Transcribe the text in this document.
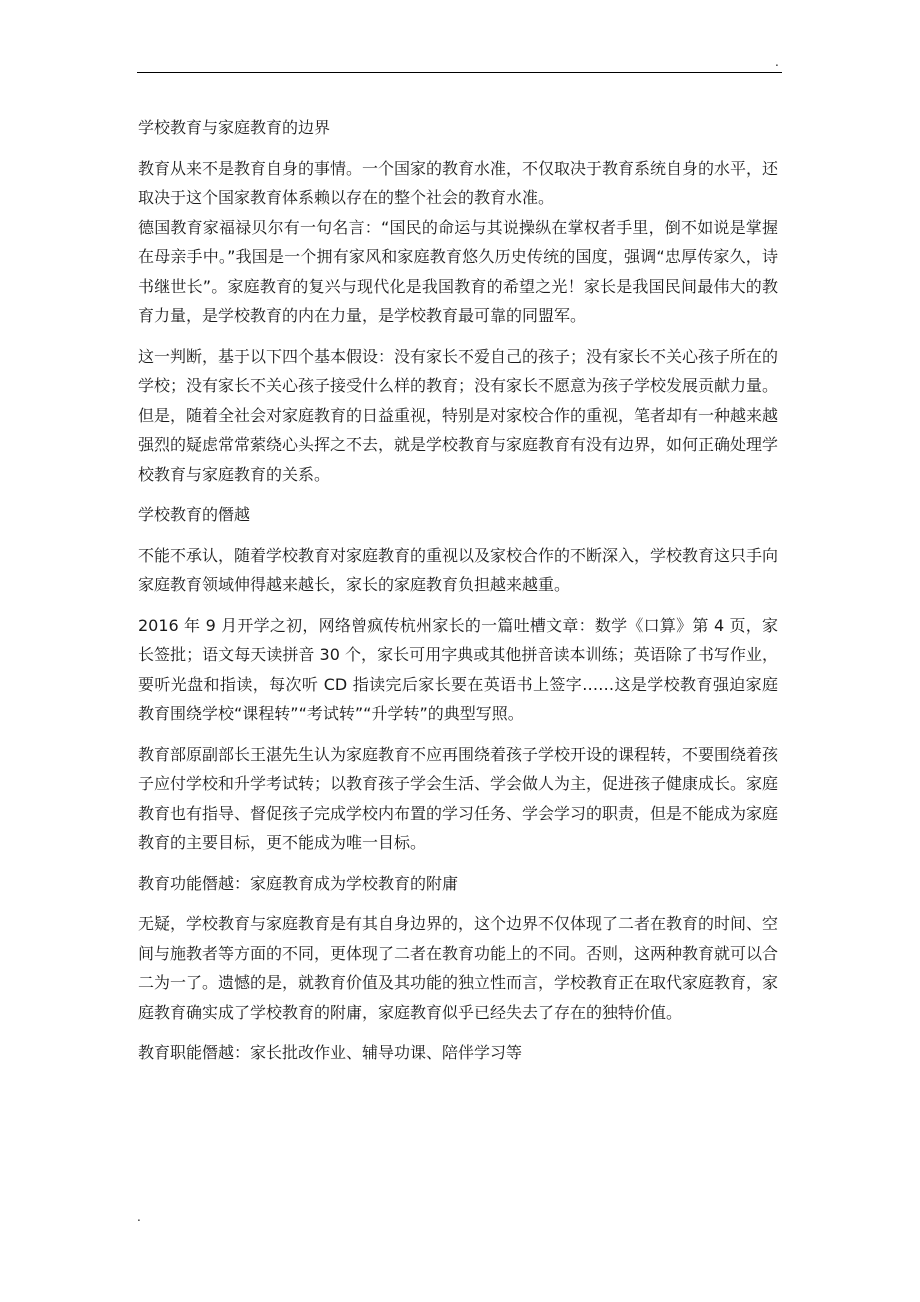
.

学校教育与家庭教育的边界

教育从来不是教育自身的事情。一个国家的教育水准，不仅取决于教育系统自身的水平，还取决于这个国家教育体系赖以存在的整个社会的教育水准。

德国教育家福禄贝尔有一句名言：“国民的命运与其说操纵在掌权者手里，倒不如说是掌握在母亲手中。”我国是一个拥有家风和家庭教育悠久历史传统的国度，强调“忠厚传家久，诗书继世长”。家庭教育的复兴与现代化是我国教育的希望之光！家长是我国民间最伟大的教育力量，是学校教育的内在力量，是学校教育最可靠的同盟军。

这一判断，基于以下四个基本假设：没有家长不爱自己的孩子；没有家长不关心孩子所在的学校；没有家长不关心孩子接受什么样的教育；没有家长不愿意为孩子学校发展贡献力量。但是，随着全社会对家庭教育的日益重视，特别是对家校合作的重视，笔者却有一种越来越强烈的疑虑常常萦绕心头挥之不去，就是学校教育与家庭教育有没有边界，如何正确处理学校教育与家庭教育的关系。

学校教育的僭越

不能不承认，随着学校教育对家庭教育的重视以及家校合作的不断深入，学校教育这只手向家庭教育领域伸得越来越长，家长的家庭教育负担越来越重。

2016 年 9 月开学之初，网络曾疯传杭州家长的一篇吐槽文章：数学《口算》第 4 页，家长签批；语文每天读拼音 30 个，家长可用字典或其他拼音读本训练；英语除了书写作业，要听光盘和指读，每次听 CD 指读完后家长要在英语书上签字……这是学校教育强迫家庭教育围绕学校“课程转”“考试转”“升学转”的典型写照。

教育部原副部长王湛先生认为家庭教育不应再围绕着孩子学校开设的课程转，不要围绕着孩子应付学校和升学考试转；以教育孩子学会生活、学会做人为主，促进孩子健康成长。家庭教育也有指导、督促孩子完成学校内布置的学习任务、学会学习的职责，但是不能成为家庭教育的主要目标，更不能成为唯一目标。

教育功能僭越：家庭教育成为学校教育的附庸

无疑，学校教育与家庭教育是有其自身边界的，这个边界不仅体现了二者在教育的时间、空间与施教者等方面的不同，更体现了二者在教育功能上的不同。否则，这两种教育就可以合二为一了。遗憾的是，就教育价值及其功能的独立性而言，学校教育正在取代家庭教育，家庭教育确实成了学校教育的附庸，家庭教育似乎已经失去了存在的独特价值。

教育职能僭越：家长批改作业、辅导功课、陪伴学习等

.
